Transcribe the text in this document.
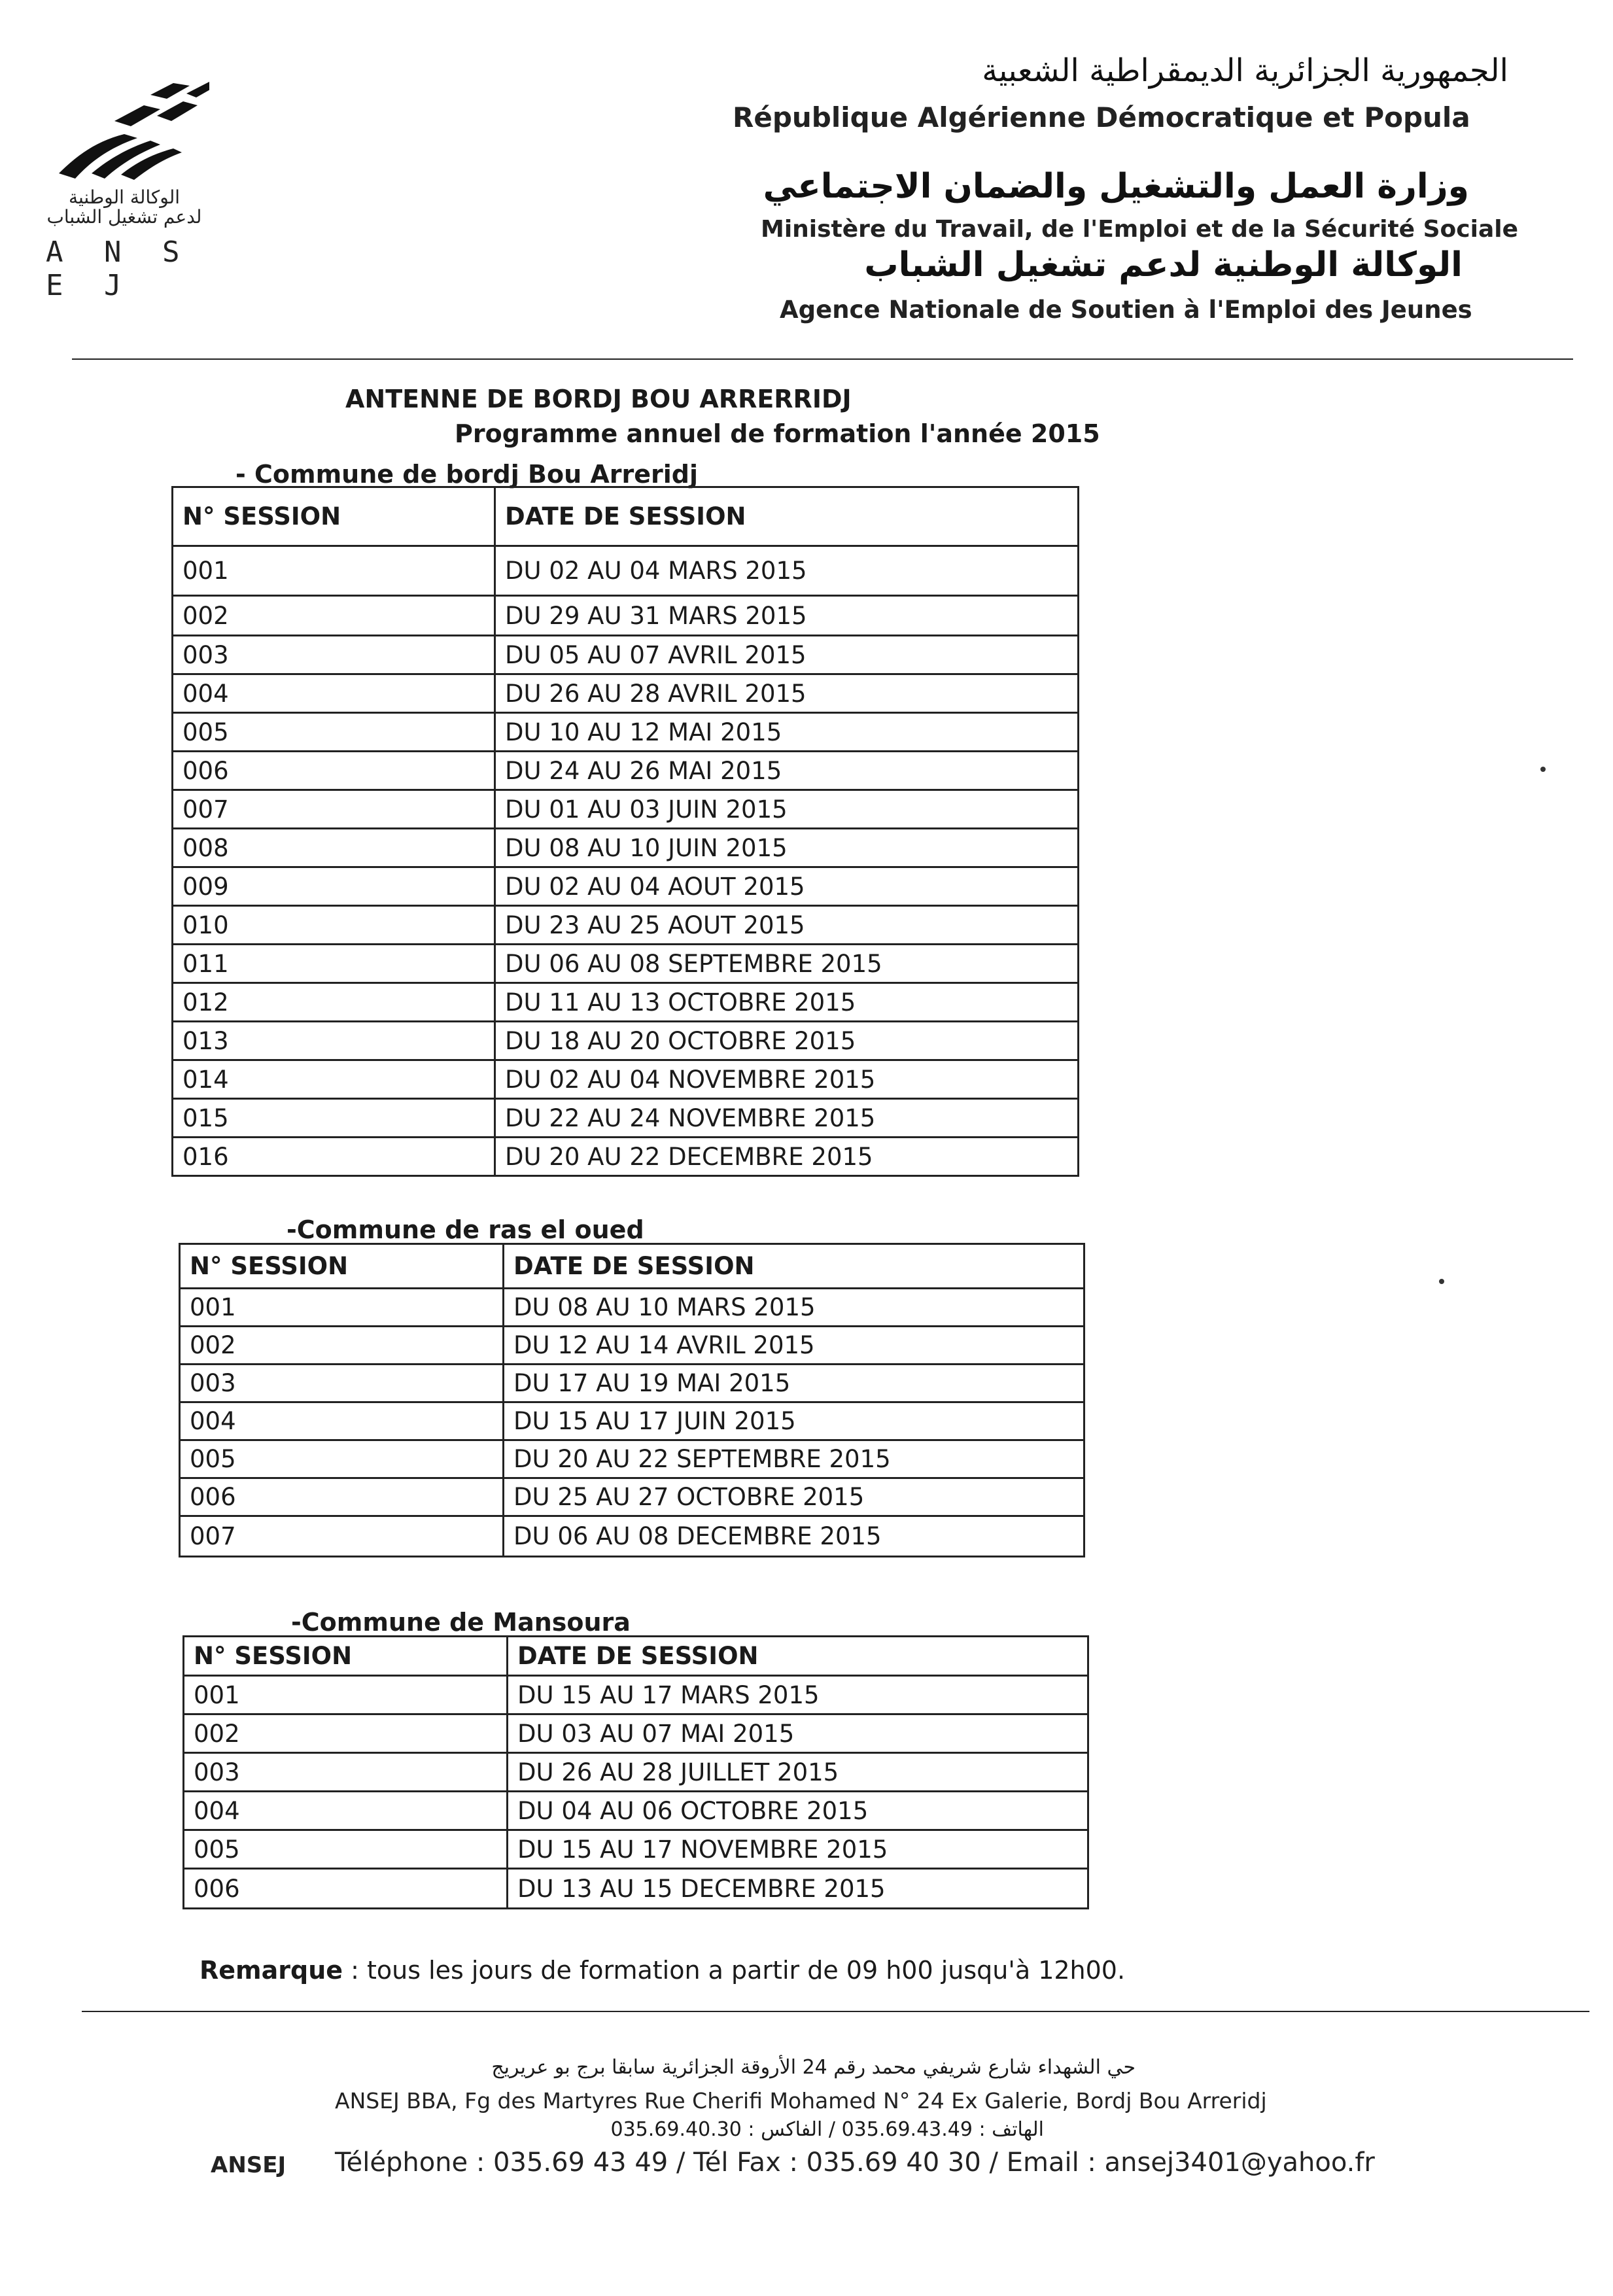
الوكالة الوطنية
لدعم تشغيل الشباب
A N S E J
الجمهورية الجزائرية الديمقراطية الشعبية
République Algérienne Démocratique et Popula
وزارة العمل والتشغيل والضمان الاجتماعي
Ministère du Travail, de l'Emploi et de la Sécurité Sociale
الوكالة الوطنية لدعم تشغيل الشباب
Agence Nationale de Soutien à l'Emploi des Jeunes
ANTENNE DE BORDJ BOU ARRERRIDJ
Programme annuel de formation l'année 2015
- Commune de bordj Bou Arreridj
N° SESSION	DATE DE SESSION
001	DU 02 AU 04 MARS 2015
002	DU 29 AU 31 MARS 2015
003	DU 05 AU 07 AVRIL 2015
004	DU 26 AU 28 AVRIL 2015
005	DU 10 AU 12 MAI 2015
006	DU 24 AU 26 MAI 2015
007	DU 01 AU 03 JUIN 2015
008	DU 08 AU 10 JUIN 2015
009	DU 02 AU 04 AOUT 2015
010	DU 23 AU 25 AOUT 2015
011	DU 06 AU 08 SEPTEMBRE 2015
012	DU 11 AU 13 OCTOBRE 2015
013	DU 18 AU 20 OCTOBRE 2015
014	DU 02 AU 04 NOVEMBRE 2015
015	DU 22 AU 24 NOVEMBRE 2015
016	DU 20 AU 22 DECEMBRE 2015
-Commune de ras el oued
N° SESSION	DATE DE SESSION
001	DU 08 AU 10 MARS 2015
002	DU 12 AU 14 AVRIL 2015
003	DU 17 AU 19 MAI 2015
004	DU 15 AU 17 JUIN 2015
005	DU 20 AU 22 SEPTEMBRE 2015
006	DU 25 AU 27 OCTOBRE 2015
007	DU 06 AU 08 DECEMBRE 2015
-Commune de Mansoura
N° SESSION	DATE DE SESSION
001	DU 15 AU 17 MARS 2015
002	DU 03 AU 07 MAI 2015
003	DU 26 AU 28 JUILLET 2015
004	DU 04 AU 06 OCTOBRE 2015
005	DU 15 AU 17 NOVEMBRE 2015
006	DU 13 AU 15 DECEMBRE 2015
Remarque : tous les jours de formation a partir de 09 h00 jusqu'à 12h00.
حي الشهداء شارع شريفي محمد رقم 24 الأروقة الجزائرية سابقا برج بو عريريج
ANSEJ BBA, Fg des Martyres Rue Cherifi Mohamed N° 24 Ex Galerie, Bordj Bou Arreridj
الهاتف : 035.69.43.49 / الفاكس : 035.69.40.30
ANSEJ Téléphone : 035.69 43 49 / Tél Fax : 035.69 40 30 / Email : ansej3401@yahoo.fr
